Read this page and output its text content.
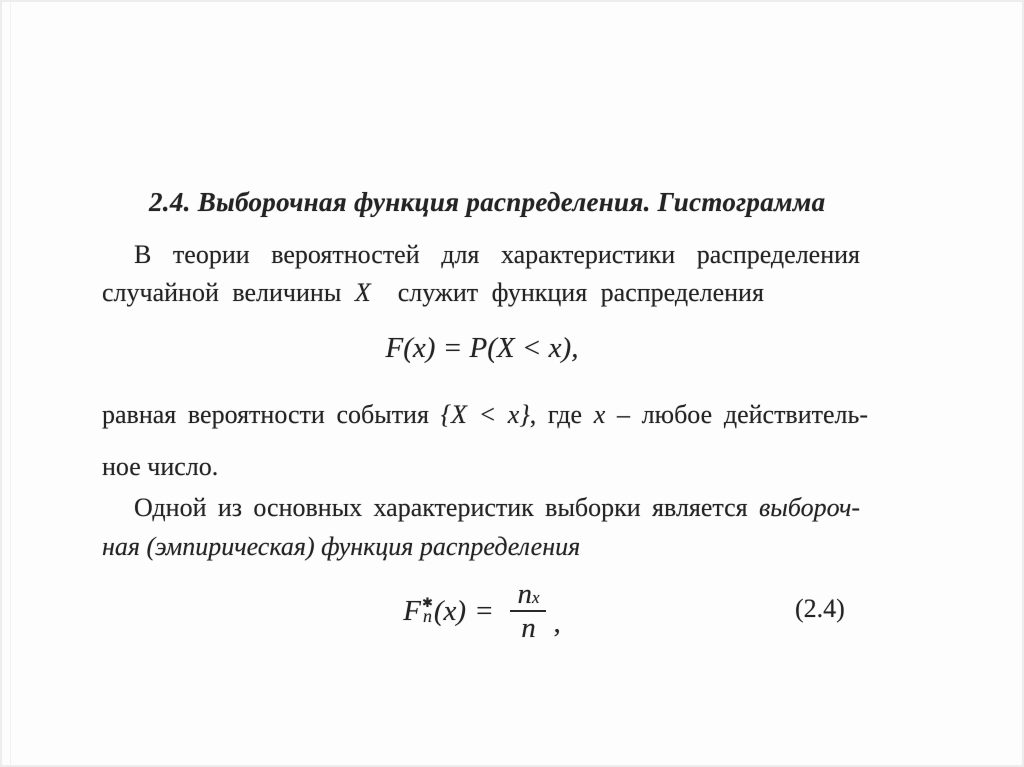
2.4. Выборочная функция распределения. Гистограмма
В теории вероятностей для характеристики распределения
случайной величины X служит функция распределения
F(x) = P(X < x),
равная вероятности события {X < x}, где x – любое действитель-
ное число.
Одной из основных характеристик выборки является выбороч-
ная (эмпирическая) функция распределения
F ✱
n $(x) = \frac{nx}{n}$ ,	(2.4)
